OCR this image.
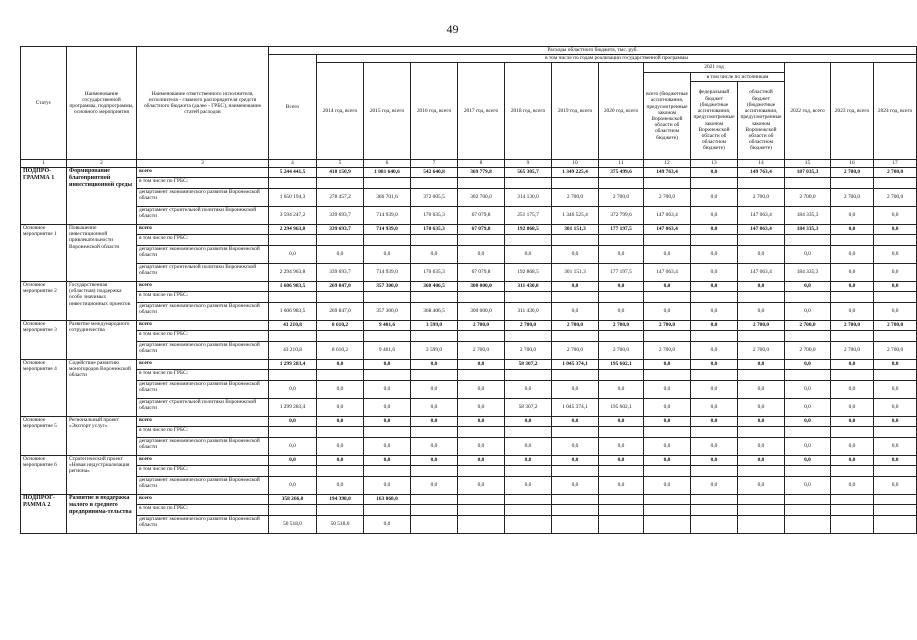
49
Статус	Наименование государственной программы, подпрограммы, основного мероприятия	Наименование ответственного исполнителя, исполнителя - главного распорядителя средств областного бюджета (далее - ГРБС), наименование статей расходов	Расходы областного бюджета, тыс. руб.													
			Всего	в том числе по годам реализации государственной программы												
				2014 год, всего	2015 год, всего	2016 год, всего	2017 год, всего	2018 год, всего	2019 год, всего	2020 год, всего	2021 год			2022 год, всего	2023 год, всего	2024 год, всего
											всего (бюджетные ассигнования, предусмотренные законом Воронежской области об областном бюджете)	в том числе по источникам				
												федеральный бюджет (бюджетные ассигнования, предусмотренные законом Воронежской области об областном бюджете)	областной бюджет (бюджетные ассигнования, предусмотренные законом Воронежской области об областном бюджете)			
1	2	3	4	5	6	7	8	9	10	11	12	13	14	15	16	17
ПОДПРО-ГРАММА 1	Формирование благоприятной инвестиционной среды	всего	5 244 441,5	418 150,9	1 081 640,6	542 640,8	369 779,8	565 305,7	1 349 225,4	375 499,6	149 763,4	0,0	149 763,4	187 035,3	2 700,0	2 700,0
		в том числе по ГРБС:														
		департамент экономического развития Воронежской области	1 650 194,3	278 457,2	366 701,6	372 005,5	302 700,0	314 130,0	2 700,0	2 700,0	2 700,0	0,0	2 700,0	2 700,0	2 700,0	2 700,0
		департамент строительной политики Воронежской области	3 594 247,2	339 693,7	714 939,0	170 635,3	67 079,8	251 175,7	1 346 525,4	372 799,6	147 063,4	0,0	147 063,4	184 335,3	0,0	0,0
Основное мероприятие 1	Повышение инвестиционной привлекательности Воронежской области	всего	2 294 963,8	339 693,7	714 939,0	170 635,3	67 079,8	192 868,5	301 151,3	177 197,5	147 063,4	0,0	147 063,4	184 335,3	0,0	0,0
		в том числе по ГРБС:														
		департамент экономического развития Воронежской области	0,0	0,0	0,0	0,0	0,0	0,0	0,0	0,0	0,0	0,0	0,0	0,0	0,0	0,0
		департамент строительной политики Воронежской области	2 294 963,8	339 693,7	714 939,0	170 635,3	67 079,8	192 868,5	301 151,3	177 197,5	147 063,4	0,0	147 063,4	184 335,3	0,0	0,0
Основное мероприятие 2	Государственная (областная) поддержка особо значимых инвестиционных проектов	всего	1 606 983,5	269 847,0	357 300,0	368 406,5	300 000,0	311 430,0	0,0	0,0	0,0	0,0	0,0	0,0	0,0	0,0
		в том числе по ГРБС:														
		департамент экономического развития Воронежской области	1 606 983,5	269 847,0	357 300,0	368 406,5	300 000,0	311 430,0	0,0	0,0	0,0	0,0	0,0	0,0	0,0	0,0
Основное мероприятие 3	Развитие международного сотрудничества	всего	43 210,8	8 610,2	9 401,6	3 599,0	2 700,0	2 700,0	2 700,0	2 700,0	2 700,0	0,0	2 700,0	2 700,0	2 700,0	2 700,0
		в том числе по ГРБС:														
		департамент экономического развития Воронежской области	43 210,8	8 610,2	9 401,6	3 599,0	2 700,0	2 700,0	2 700,0	2 700,0	2 700,0	0,0	2 700,0	2 700,0	2 700,0	2 700,0
Основное мероприятие 4	Содействие развитию моногородов Воронежской области	всего	1 299 283,4	0,0	0,0	0,0	0,0	58 307,2	1 045 374,1	195 602,1	0,0	0,0	0,0	0,0	0,0	0,0
		в том числе по ГРБС:														
		департамент экономического развития Воронежской области	0,0	0,0	0,0	0,0	0,0	0,0	0,0	0,0	0,0	0,0	0,0	0,0	0,0	0,0
		департамент строительной политики Воронежской области	1 299 283,4	0,0	0,0	0,0	0,0	58 307,2	1 045 374,1	195 602,1	0,0	0,0	0,0	0,0	0,0	0,0
Основное мероприятие 5	Региональный проект «Экспорт услуг»	всего	0,0	0,0	0,0	0,0	0,0	0,0	0,0	0,0	0,0	0,0	0,0	0,0	0,0	0,0
		в том числе по ГРБС:														
		департамент экономического развития Воронежской области	0,0	0,0	0,0	0,0	0,0	0,0	0,0	0,0	0,0	0,0	0,0	0,0	0,0	0,0
Основное мероприятие 6	Стратегический проект «Новая индустриализация региона»	всего	0,0	0,0	0,0	0,0	0,0	0,0	0,0	0,0	0,0	0,0	0,0	0,0	0,0	0,0
		в том числе по ГРБС:														
		департамент экономического развития Воронежской области	0,0	0,0	0,0	0,0	0,0	0,0	0,0	0,0	0,0	0,0	0,0	0,0	0,0	0,0
ПОДПРОГ-РАММА 2	Развитие и поддержка малого и среднего предпринима-тельства	всего	358 266,0	194 398,0	163 868,0											
		в том числе по ГРБС:														
		департамент экономического развития Воронежской области	50 518,0	50 518,0	0,0											
